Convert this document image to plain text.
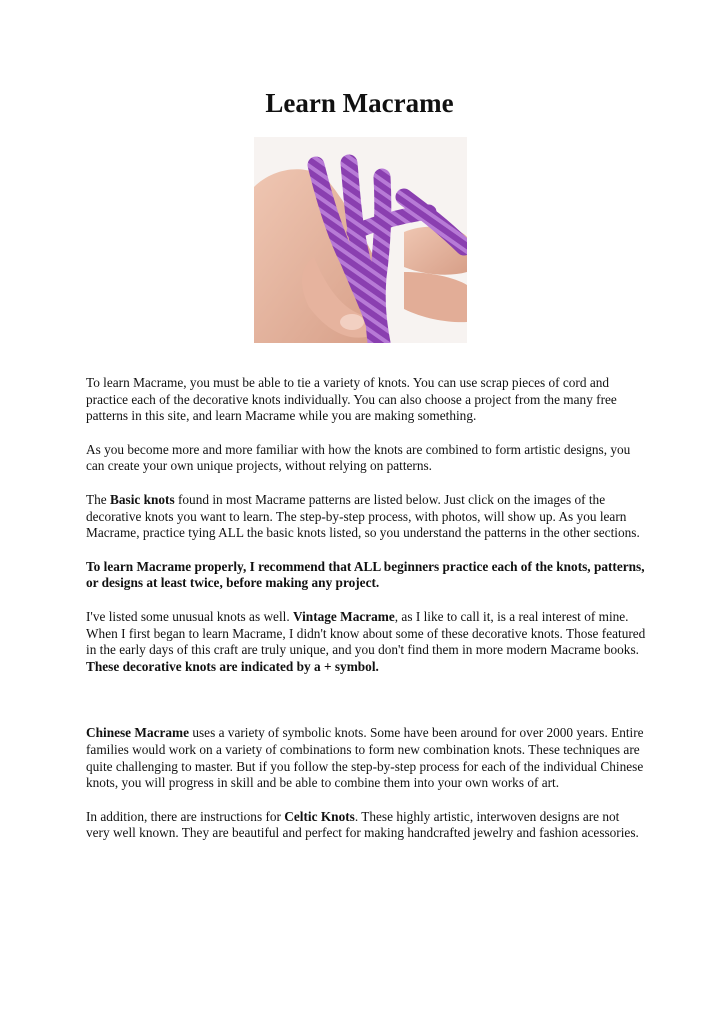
Learn Macrame

To learn Macrame, you must be able to tie a variety of knots. You can use scrap pieces of cord and practice each of the decorative knots individually. You can also choose a project from the many free patterns in this site, and learn Macrame while you are making something.

As you become more and more familiar with how the knots are combined to form artistic designs, you can create your own unique projects, without relying on patterns.

The Basic knots found in most Macrame patterns are listed below. Just click on the images of the decorative knots you want to learn. The step-by-step process, with photos, will show up. As you learn Macrame, practice tying ALL the basic knots listed, so you understand the patterns in the other sections.

To learn Macrame properly, I recommend that ALL beginners practice each of the knots, patterns, or designs at least twice, before making any project.

I've listed some unusual knots as well. Vintage Macrame, as I like to call it, is a real interest of mine. When I first began to learn Macrame, I didn't know about some of these decorative knots. Those featured in the early days of this craft are truly unique, and you don't find them in more modern Macrame books. These decorative knots are indicated by a + symbol.

Chinese Macrame uses a variety of symbolic knots. Some have been around for over 2000 years. Entire families would work on a variety of combinations to form new combination knots. These techniques are quite challenging to master. But if you follow the step-by-step process for each of the individual Chinese knots, you will progress in skill and be able to combine them into your own works of art.

In addition, there are instructions for Celtic Knots. These highly artistic, interwoven designs are not very well known. They are beautiful and perfect for making handcrafted jewelry and fashion acessories.
